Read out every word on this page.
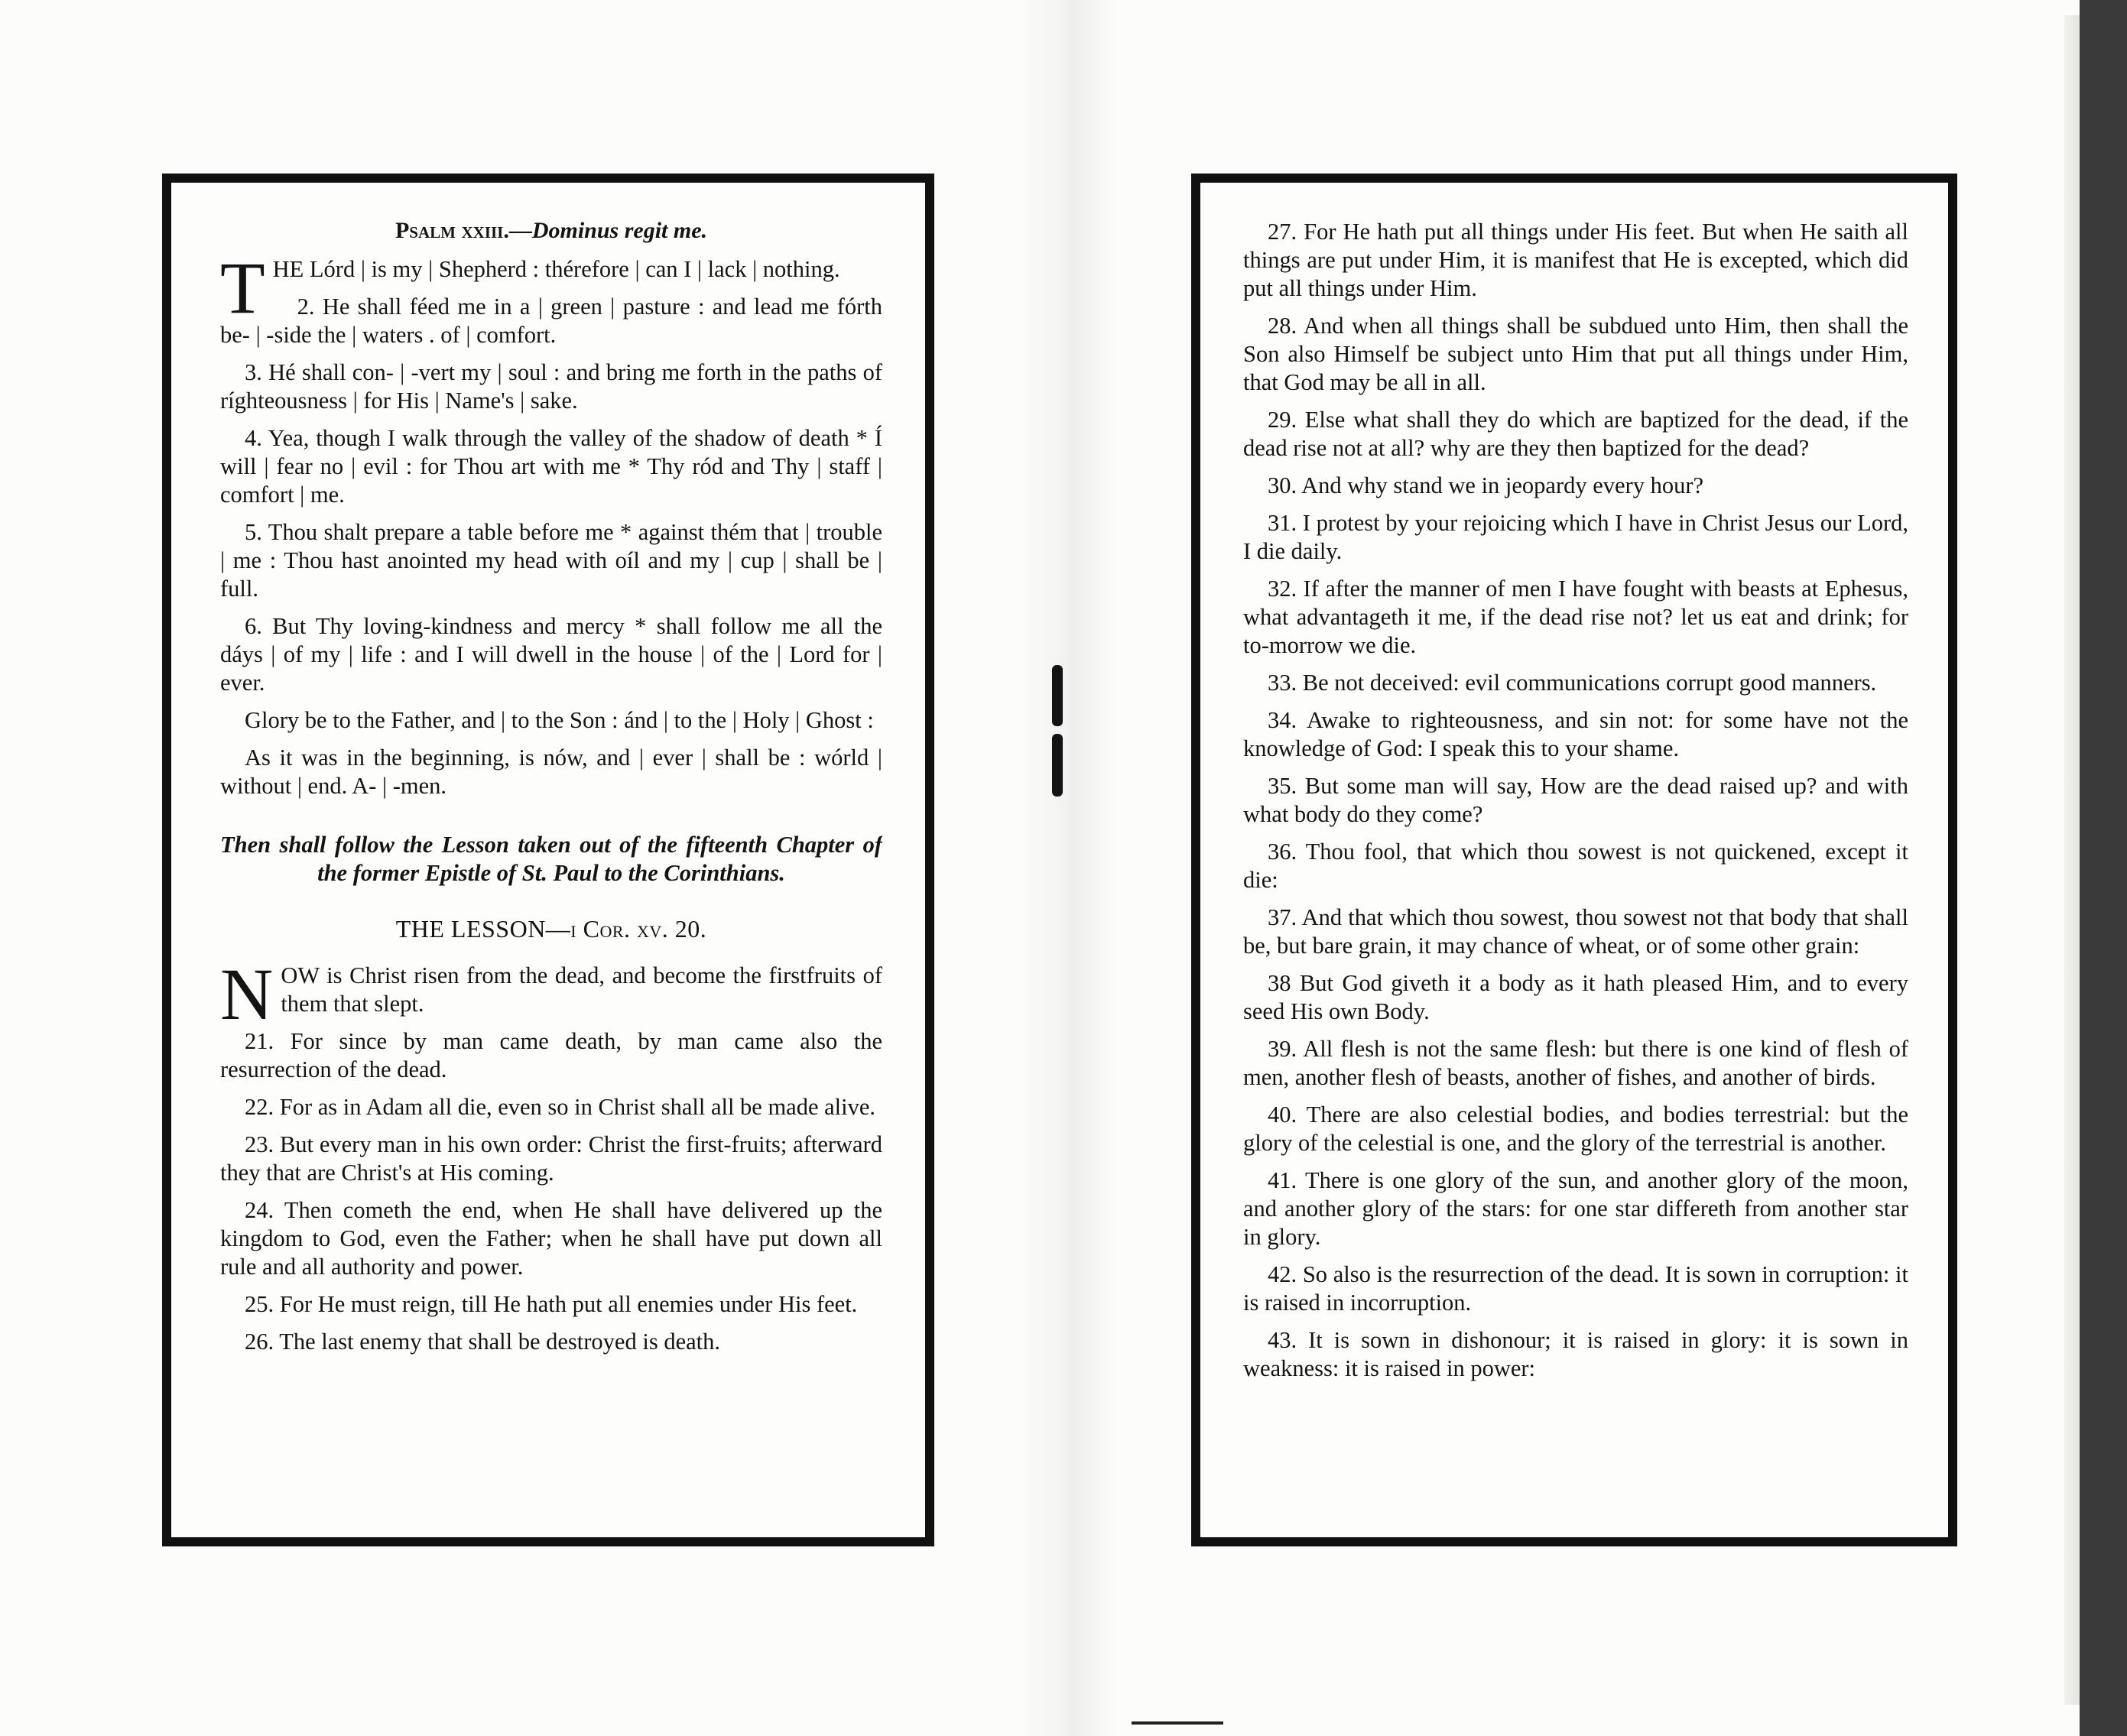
Psalm xxiii.—Dominus regit me.

THE Lórd | is my | Shepherd : thérefore | can I | lack | nothing.

2. He shall féed me in a | green | pasture : and lead me fórth be- | -side the | waters . of | comfort.

3. Hé shall con- | -vert my | soul : and bring me forth in the paths of ríghteousness | for His | Name's | sake.

4. Yea, though I walk through the valley of the shadow of death * Í will | fear no | evil : for Thou art with me * Thy ród and Thy | staff | comfort | me.

5. Thou shalt prepare a table before me * against thém that | trouble | me : Thou hast anointed my head with oíl and my | cup | shall be | full.

6. But Thy loving-kindness and mercy * shall follow me all the dáys | of my | life : and I will dwell in the house | of the | Lord for | ever.

Glory be to the Father, and | to the Son : ánd | to the | Holy | Ghost :

As it was in the beginning, is nów, and | ever | shall be : wórld | without | end. A- | -men.

Then shall follow the Lesson taken out of the fifteenth Chapter of the former Epistle of St. Paul to the Corinthians.

THE LESSON—i Cor. xv. 20.

NOW is Christ risen from the dead, and become the firstfruits of them that slept.

21. For since by man came death, by man came also the resurrection of the dead.

22. For as in Adam all die, even so in Christ shall all be made alive.

23. But every man in his own order: Christ the first-fruits; afterward they that are Christ's at His coming.

24. Then cometh the end, when He shall have delivered up the kingdom to God, even the Father; when he shall have put down all rule and all authority and power.

25. For He must reign, till He hath put all enemies under His feet.

26. The last enemy that shall be destroyed is death.

27. For He hath put all things under His feet. But when He saith all things are put under Him, it is manifest that He is excepted, which did put all things under Him.

28. And when all things shall be subdued unto Him, then shall the Son also Himself be subject unto Him that put all things under Him, that God may be all in all.

29. Else what shall they do which are baptized for the dead, if the dead rise not at all? why are they then baptized for the dead?

30. And why stand we in jeopardy every hour?

31. I protest by your rejoicing which I have in Christ Jesus our Lord, I die daily.

32. If after the manner of men I have fought with beasts at Ephesus, what advantageth it me, if the dead rise not? let us eat and drink; for to-morrow we die.

33. Be not deceived: evil communications corrupt good manners.

34. Awake to righteousness, and sin not: for some have not the knowledge of God: I speak this to your shame.

35. But some man will say, How are the dead raised up? and with what body do they come?

36. Thou fool, that which thou sowest is not quickened, except it die:

37. And that which thou sowest, thou sowest not that body that shall be, but bare grain, it may chance of wheat, or of some other grain:

38 But God giveth it a body as it hath pleased Him, and to every seed His own Body.

39. All flesh is not the same flesh: but there is one kind of flesh of men, another flesh of beasts, another of fishes, and another of birds.

40. There are also celestial bodies, and bodies terrestrial: but the glory of the celestial is one, and the glory of the terrestrial is another.

41. There is one glory of the sun, and another glory of the moon, and another glory of the stars: for one star differeth from another star in glory.

42. So also is the resurrection of the dead. It is sown in corruption: it is raised in incorruption.

43. It is sown in dishonour; it is raised in glory: it is sown in weakness: it is raised in power:
